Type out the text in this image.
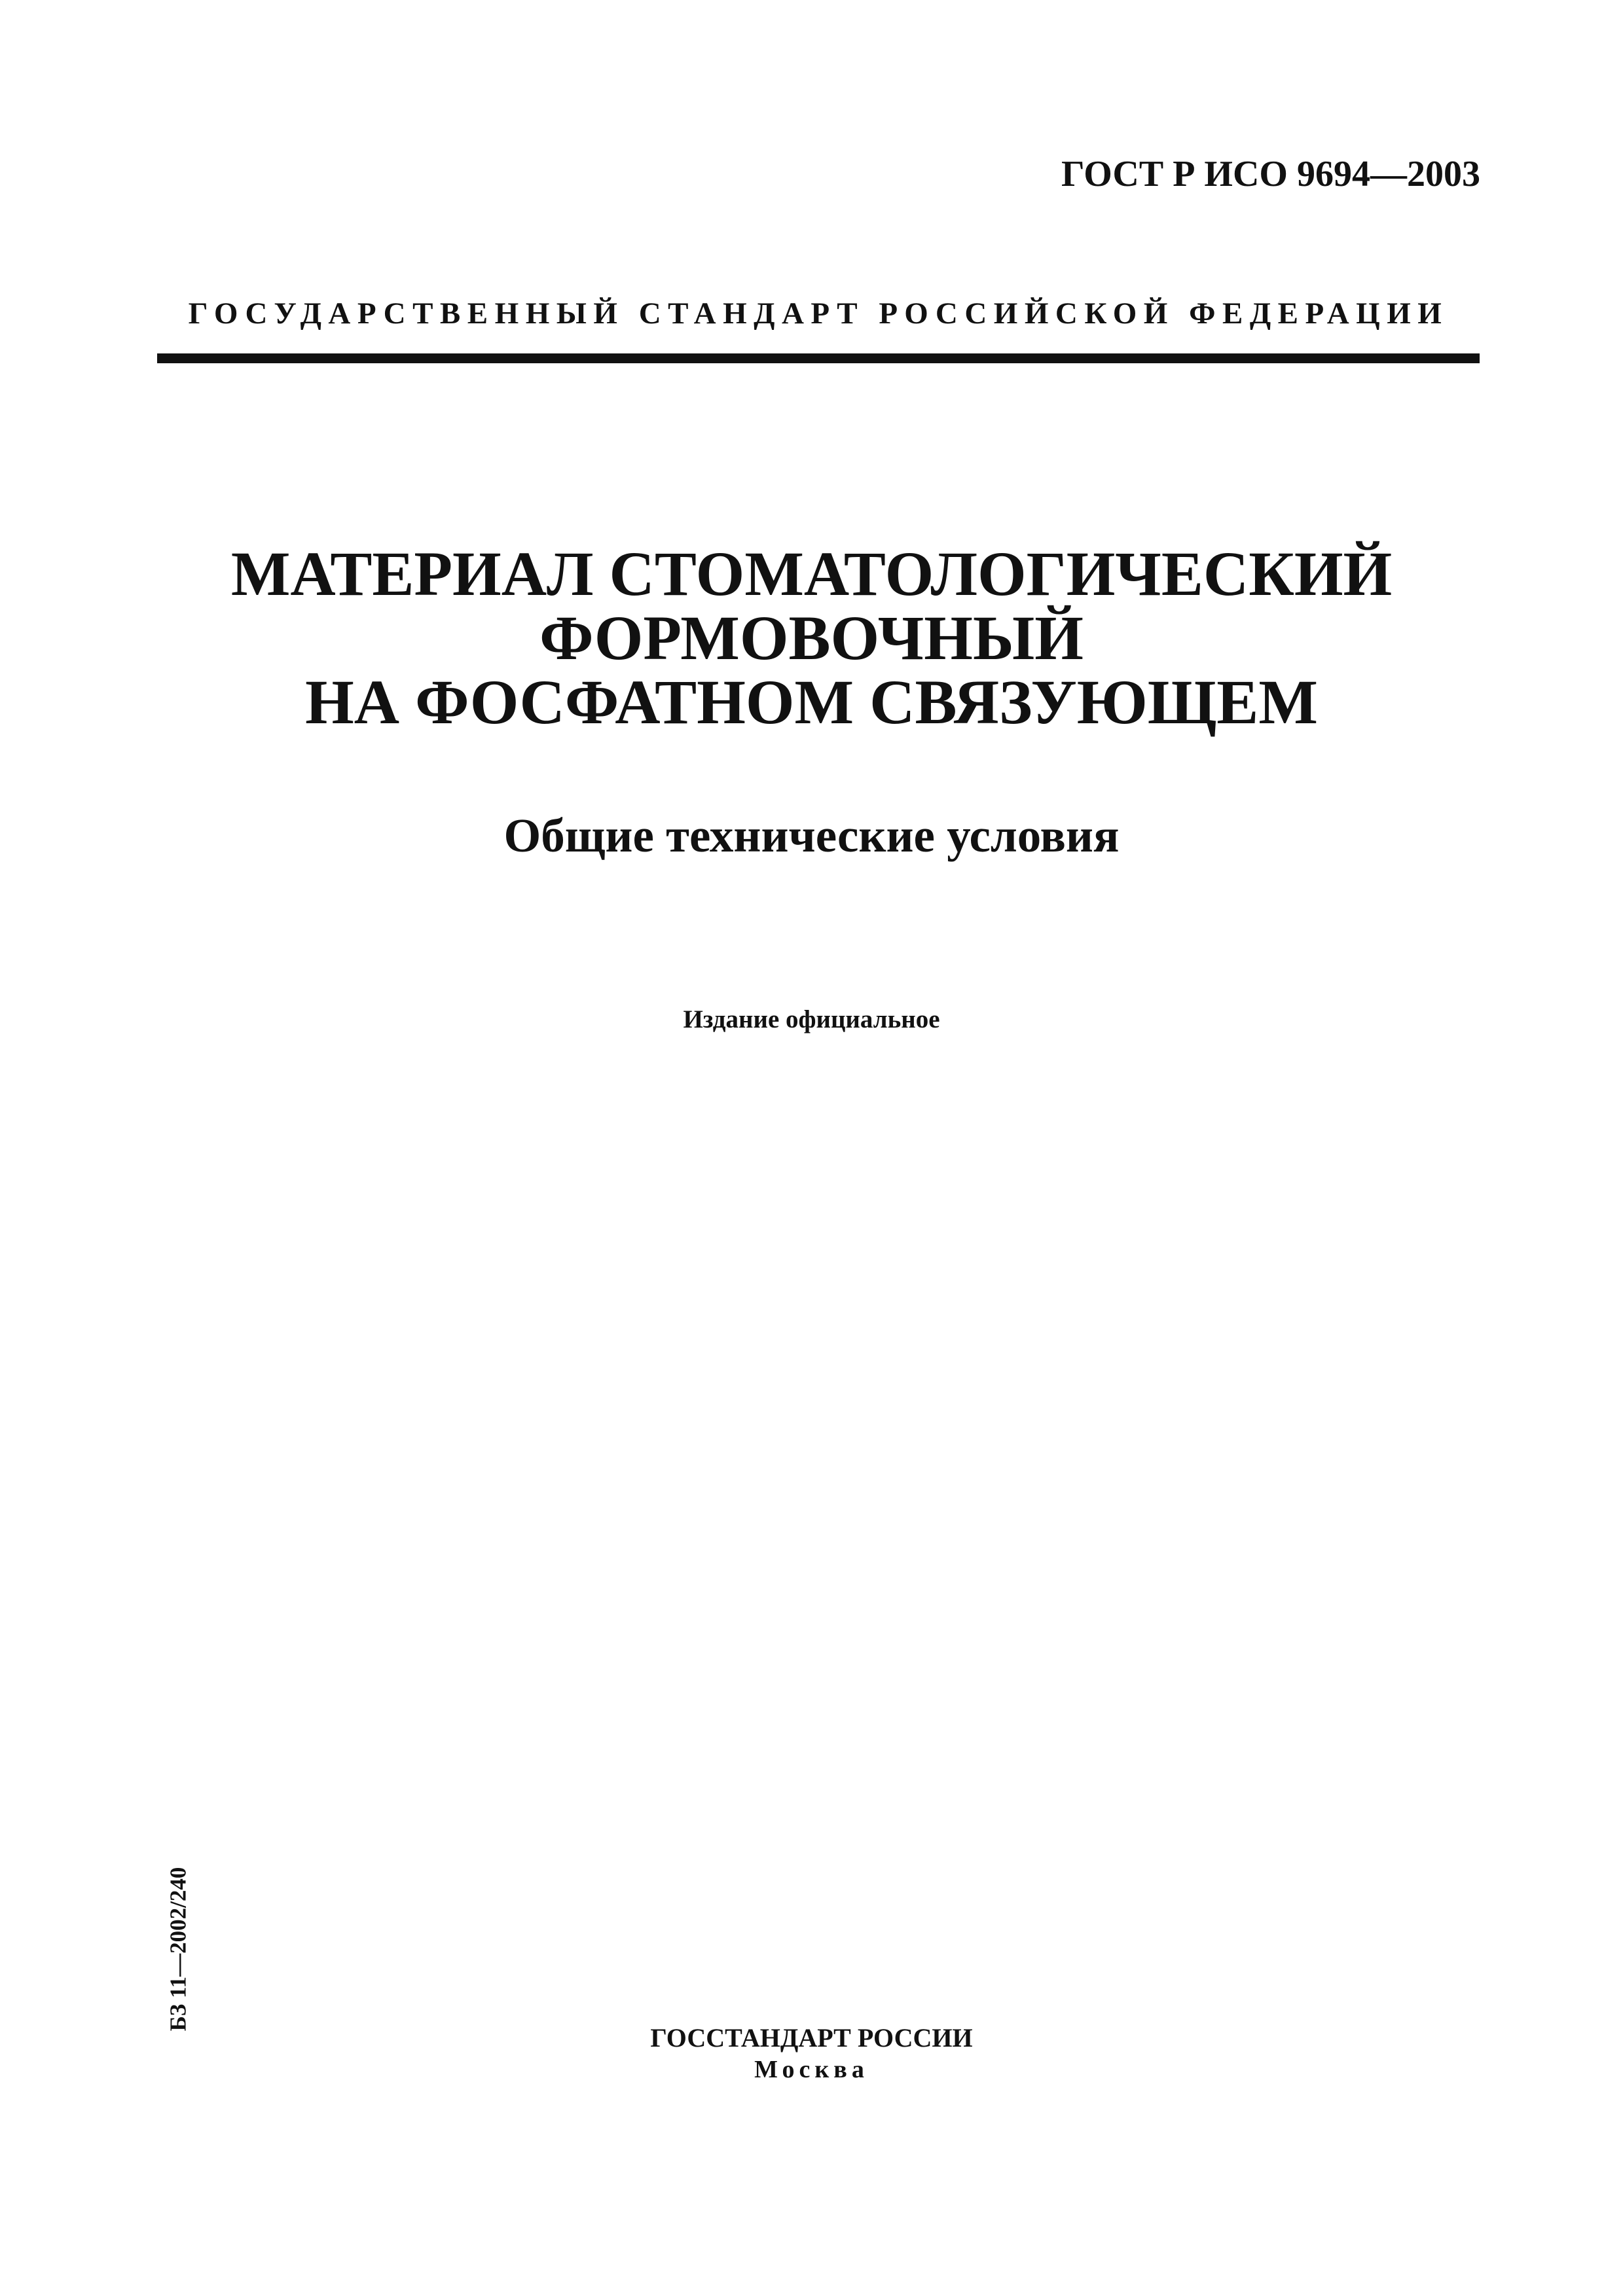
ГОСТ Р ИСО 9694—2003
ГОСУДАРСТВЕННЫЙ СТАНДАРТ РОССИЙСКОЙ ФЕДЕРАЦИИ
МАТЕРИАЛ СТОМАТОЛОГИЧЕСКИЙ
ФОРМОВОЧНЫЙ
НА ФОСФАТНОМ СВЯЗУЮЩЕМ
Общие технические условия
Издание официальное
БЗ 11—2002/240
ГОССТАНДАРТ РОССИИ
Москва
